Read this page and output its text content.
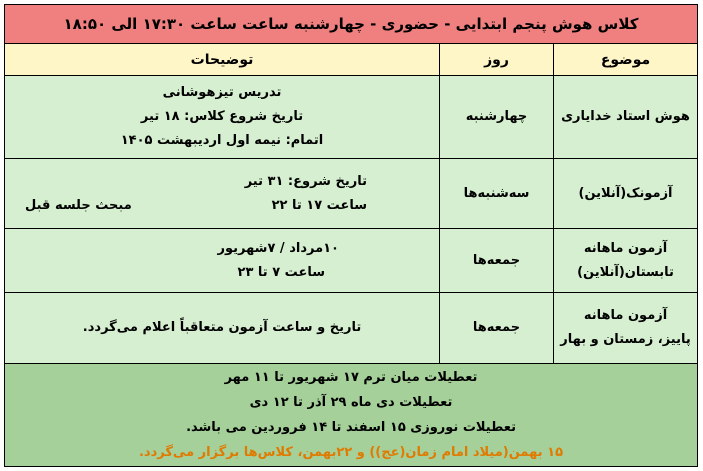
کلاس هوش پنجم ابتدایی - حضوری - چهارشنبه ساعت ساعت ۱۷:۳۰ الی ۱۸:۵۰
موضوع
روز
توضیحات
هوش استاد خدایاری
چهارشنبه
تدریس تیزهوشانی
تاریخ شروع کلاس: ۱۸ تیر
اتمام: نیمه اول اردیبهشت ۱۴۰۵
آزمونک(آنلاین)
سه‌شنبه‌ها
تاریخ شروع: ۳۱ تیر
ساعت ۱۷ تا ۲۲
مبحث جلسه قبل
آزمون ماهانه
تابستان(آنلاین)
جمعه‌ها
۱۰مرداد / ۷شهریور
ساعت ۷ تا ۲۳
آزمون ماهانه
پاییز، زمستان و بهار
جمعه‌ها
تاریخ و ساعت آزمون متعاقباً اعلام می‌گردد.
تعطیلات میان ترم ۱۷ شهریور تا ۱۱ مهر
تعطیلات دی ماه ۲۹ آذر تا ۱۲ دی
تعطیلات نوروزی ۱۵ اسفند تا ۱۴ فروردین می باشد.
۱۵ بهمن(میلاد امام زمان(عج)) و ۲۲بهمن، کلاس‌ها برگزار می‌گردد.
